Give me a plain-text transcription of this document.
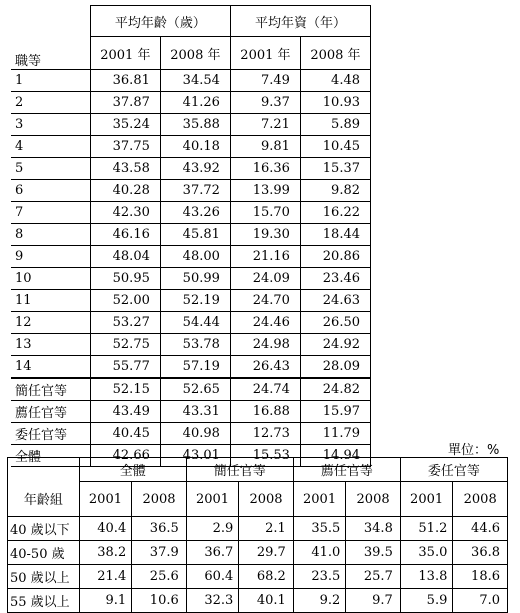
	平均年齡（歲）		平均年資（年）	
職等	2001 年	2008 年	2001 年	2008 年
1	36.81	34.54	7.49	4.48
2	37.87	41.26	9.37	10.93
3	35.24	35.88	7.21	5.89
4	37.75	40.18	9.81	10.45
5	43.58	43.92	16.36	15.37
6	40.28	37.72	13.99	9.82
7	42.30	43.26	15.70	16.22
8	46.16	45.81	19.30	18.44
9	48.04	48.00	21.16	20.86
10	50.95	50.99	24.09	23.46
11	52.00	52.19	24.70	24.63
12	53.27	54.44	24.46	26.50
13	52.75	53.78	24.98	24.92
14	55.77	57.19	26.43	28.09
簡任官等	52.15	52.65	24.74	24.82
薦任官等	43.49	43.31	16.88	15.97
委任官等	40.45	40.98	12.73	11.79
全體	42.66	43.01	15.53	14.94	單位：%
	全體		簡任官等		薦任官等		委任官等	
年齡組	2001	2008	2001	2008	2001	2008	2001	2008
40 歲以下	40.4	36.5	2.9	2.1	35.5	34.8	51.2	44.6
40-50 歲	38.2	37.9	36.7	29.7	41.0	39.5	35.0	36.8
50 歲以上	21.4	25.6	60.4	68.2	23.5	25.7	13.8	18.6
55 歲以上	9.1	10.6	32.3	40.1	9.2	9.7	5.9	7.0
